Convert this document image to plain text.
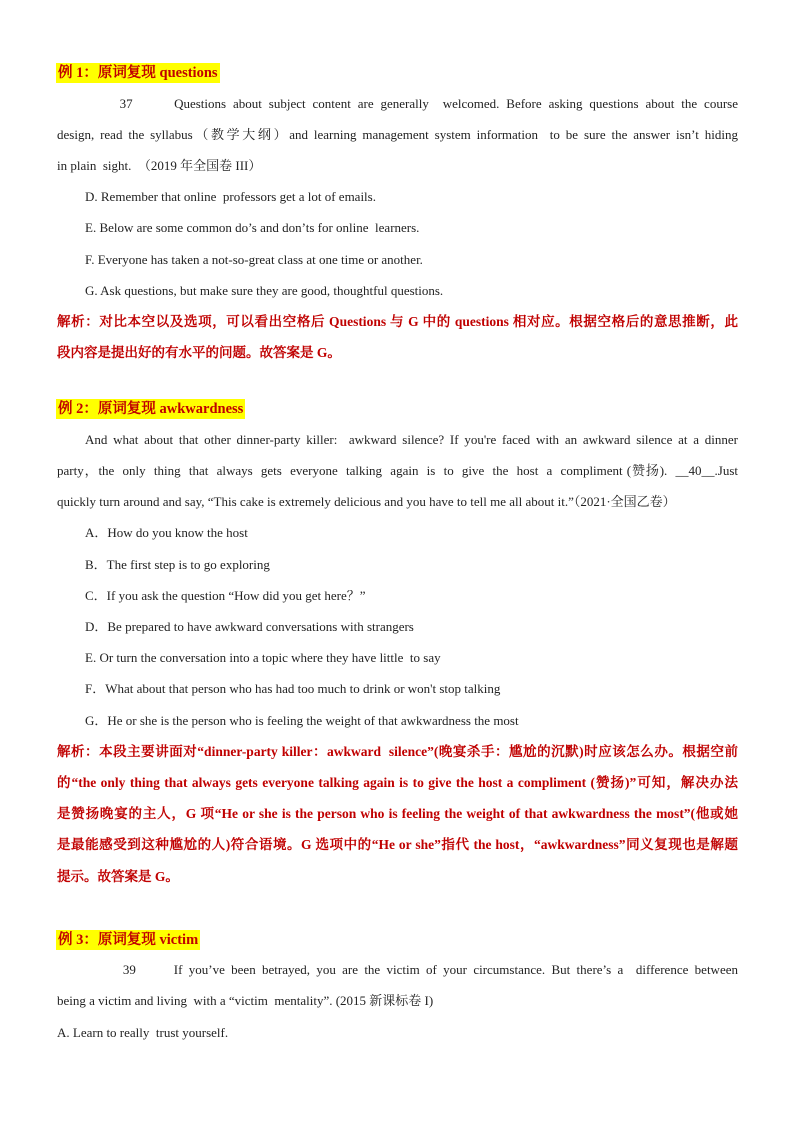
例 1：原词复现 questions
37      Questions about subject content are generally  welcomed. Before asking questions about the course
design, read the syllabus（教学大纲）and learning management system information  to be sure the answer isn’t hiding
in plain  sight.  （2019 年全国卷 III）
D. Remember that online  professors get a lot of emails.
E. Below are some common do’s and don’ts for online  learners.
F. Everyone has taken a not-so-great class at one time or another.
G. Ask questions, but make sure they are good, thoughtful questions.
解析：对比本空以及选项，可以看出空格后 Questions 与 G 中的 questions 相对应。根据空格后的意思推断，此
段内容是提出好的有水平的问题。故答案是 G。
例 2：原词复现 awkwardness
And what about that other dinner-party killer:  awkward silence? If you're faced with an awkward silence at a dinner
party，the  only  thing  that  always  gets  everyone  talking  again  is  to  give  the  host  a  compliment (赞扬).  __40__.Just
quickly turn around and say, “This cake is extremely delicious and you have to tell me all about it.”（2021·全国乙卷）
A．How do you know the host
B．The first step is to go exploring
C．If you ask the question “How did you get here？”
D．Be prepared to have awkward conversations with strangers
E. Or turn the conversation into a topic where they have little  to say
F．What about that person who has had too much to drink or won't stop talking
G．He or she is the person who is feeling the weight of that awkwardness the most
解析：本段主要讲面对“dinner-party killer：awkward  silence”(晚宴杀手：尴尬的沉默)时应该怎么办。根据空前
的“the only thing that always gets everyone talking again is to give the host a compliment (赞扬)”可知，解决办法
是赞扬晚宴的主人，G 项“He or she is the person who is feeling the weight of that awkwardness the most”(他或她
是最能感受到这种尴尬的人)符合语境。G 选项中的“He or she”指代 the host，“awkwardness”同义复现也是解题
提示。故答案是 G。
例 3：原词复现 victim
39      If you’ve been betrayed, you are the victim of your circumstance. But there’s a  difference between
being a victim and living  with a “victim  mentality”. (2015 新课标卷 I)
A. Learn to really  trust yourself.
